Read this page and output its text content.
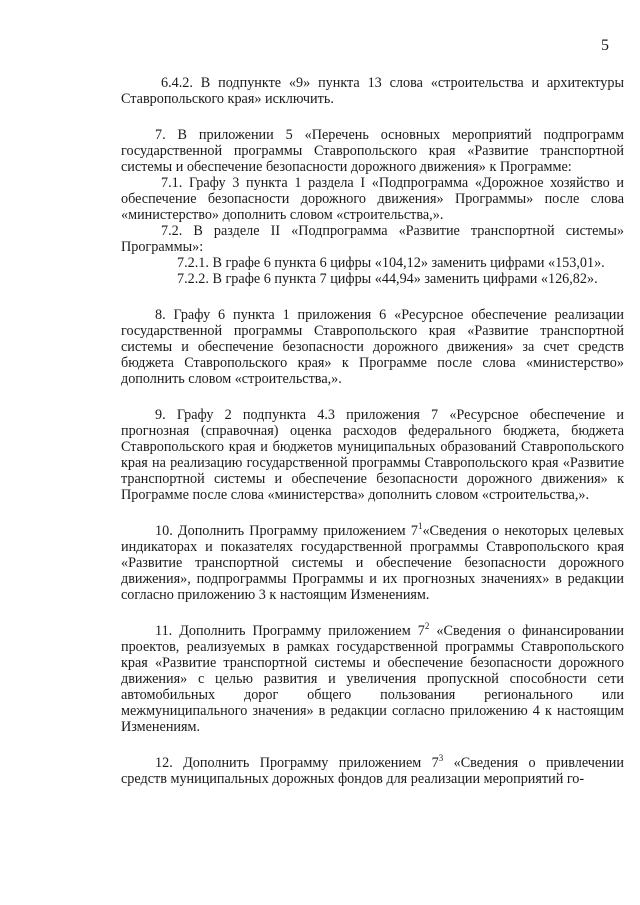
5

6.4.2. В подпункте «9» пункта 13 слова «строительства и архитектуры Ставропольского края» исключить.

7. В приложении 5 «Перечень основных мероприятий подпрограмм государственной программы Ставропольского края «Развитие транспортной системы и обеспечение безопасности дорожного движения» к Программе:

7.1. Графу 3 пункта 1 раздела I «Подпрограмма «Дорожное хозяйство и обеспечение безопасности дорожного движения» Программы» после слова «министерство» дополнить словом «строительства,».

7.2. В разделе II «Подпрограмма «Развитие транспортной системы» Программы»:

7.2.1. В графе 6 пункта 6 цифры «104,12» заменить цифрами «153,01».

7.2.2. В графе 6 пункта 7 цифры «44,94» заменить цифрами «126,82».

8. Графу 6 пункта 1 приложения 6 «Ресурсное обеспечение реализации государственной программы Ставропольского края «Развитие транспортной системы и обеспечение безопасности дорожного движения» за счет средств бюджета Ставропольского края» к Программе после слова «министерство» дополнить словом «строительства,».

9. Графу 2 подпункта 4.3 приложения 7 «Ресурсное обеспечение и прогнозная (справочная) оценка расходов федерального бюджета, бюджета Ставропольского края и бюджетов муниципальных образований Ставропольского края на реализацию государственной программы Ставропольского края «Развитие транспортной системы и обеспечение безопасности дорожного движения» к Программе после слова «министерства» дополнить словом «строительства,».

10. Дополнить Программу приложением $7^1«Сведения$ о некоторых целевых индикаторах и показателях государственной программы Ставропольского края «Развитие транспортной системы и обеспечение безопасности дорожного движения», подпрограммы Программы и их прогнозных значениях» в редакции согласно приложению 3 к настоящим Изменениям.

11. Дополнить Программу приложением $7^2$ «Сведения о финансировании проектов, реализуемых в рамках государственной программы Ставропольского края «Развитие транспортной системы и обеспечение безопасности дорожного движения» с целью развития и увеличения пропускной способности сети автомобильных дорог общего пользования регионального или межмуниципального значения» в редакции согласно приложению 4 к настоящим Изменениям.

12. Дополнить Программу приложением $7^3$ «Сведения о привлечении средств муниципальных дорожных фондов для реализации мероприятий го-
